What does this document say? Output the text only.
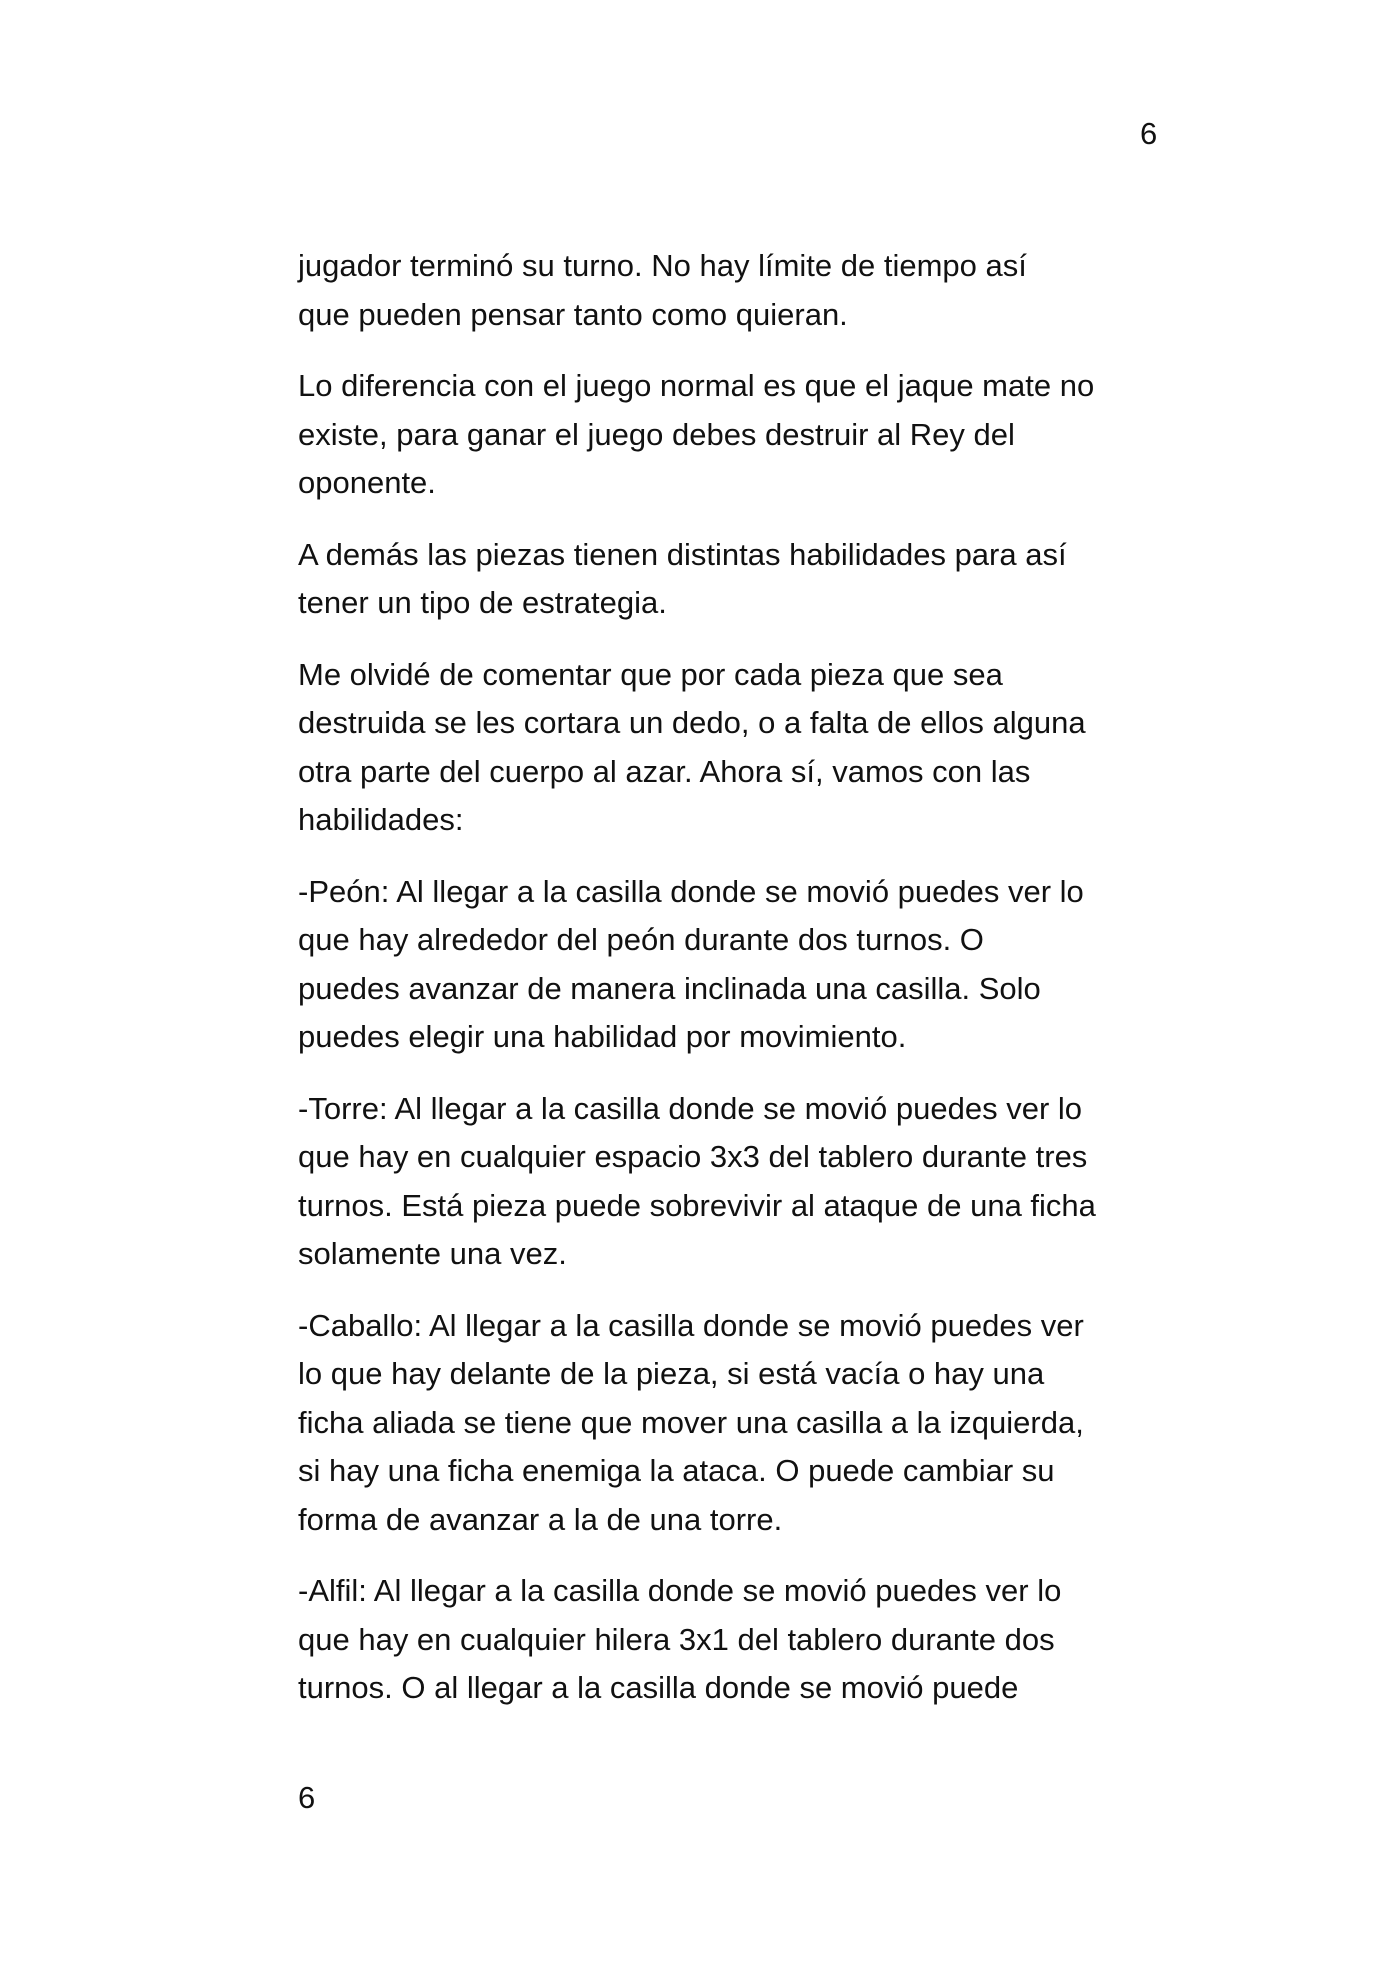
6
jugador terminó su turno. No hay límite de tiempo así
que pueden pensar tanto como quieran.
Lo diferencia con el juego normal es que el jaque mate no
existe, para ganar el juego debes destruir al Rey del
oponente.
A demás las piezas tienen distintas habilidades para así
tener un tipo de estrategia.
Me olvidé de comentar que por cada pieza que sea
destruida se les cortara un dedo, o a falta de ellos alguna
otra parte del cuerpo al azar. Ahora sí, vamos con las
habilidades:
-Peón: Al llegar a la casilla donde se movió puedes ver lo
que hay alrededor del peón durante dos turnos. O
puedes avanzar de manera inclinada una casilla. Solo
puedes elegir una habilidad por movimiento.
-Torre: Al llegar a la casilla donde se movió puedes ver lo
que hay en cualquier espacio 3x3 del tablero durante tres
turnos. Está pieza puede sobrevivir al ataque de una ficha
solamente una vez.
-Caballo: Al llegar a la casilla donde se movió puedes ver
lo que hay delante de la pieza, si está vacía o hay una
ficha aliada se tiene que mover una casilla a la izquierda,
si hay una ficha enemiga la ataca. O puede cambiar su
forma de avanzar a la de una torre.
-Alfil: Al llegar a la casilla donde se movió puedes ver lo
que hay en cualquier hilera 3x1 del tablero durante dos
turnos. O al llegar a la casilla donde se movió puede
6
